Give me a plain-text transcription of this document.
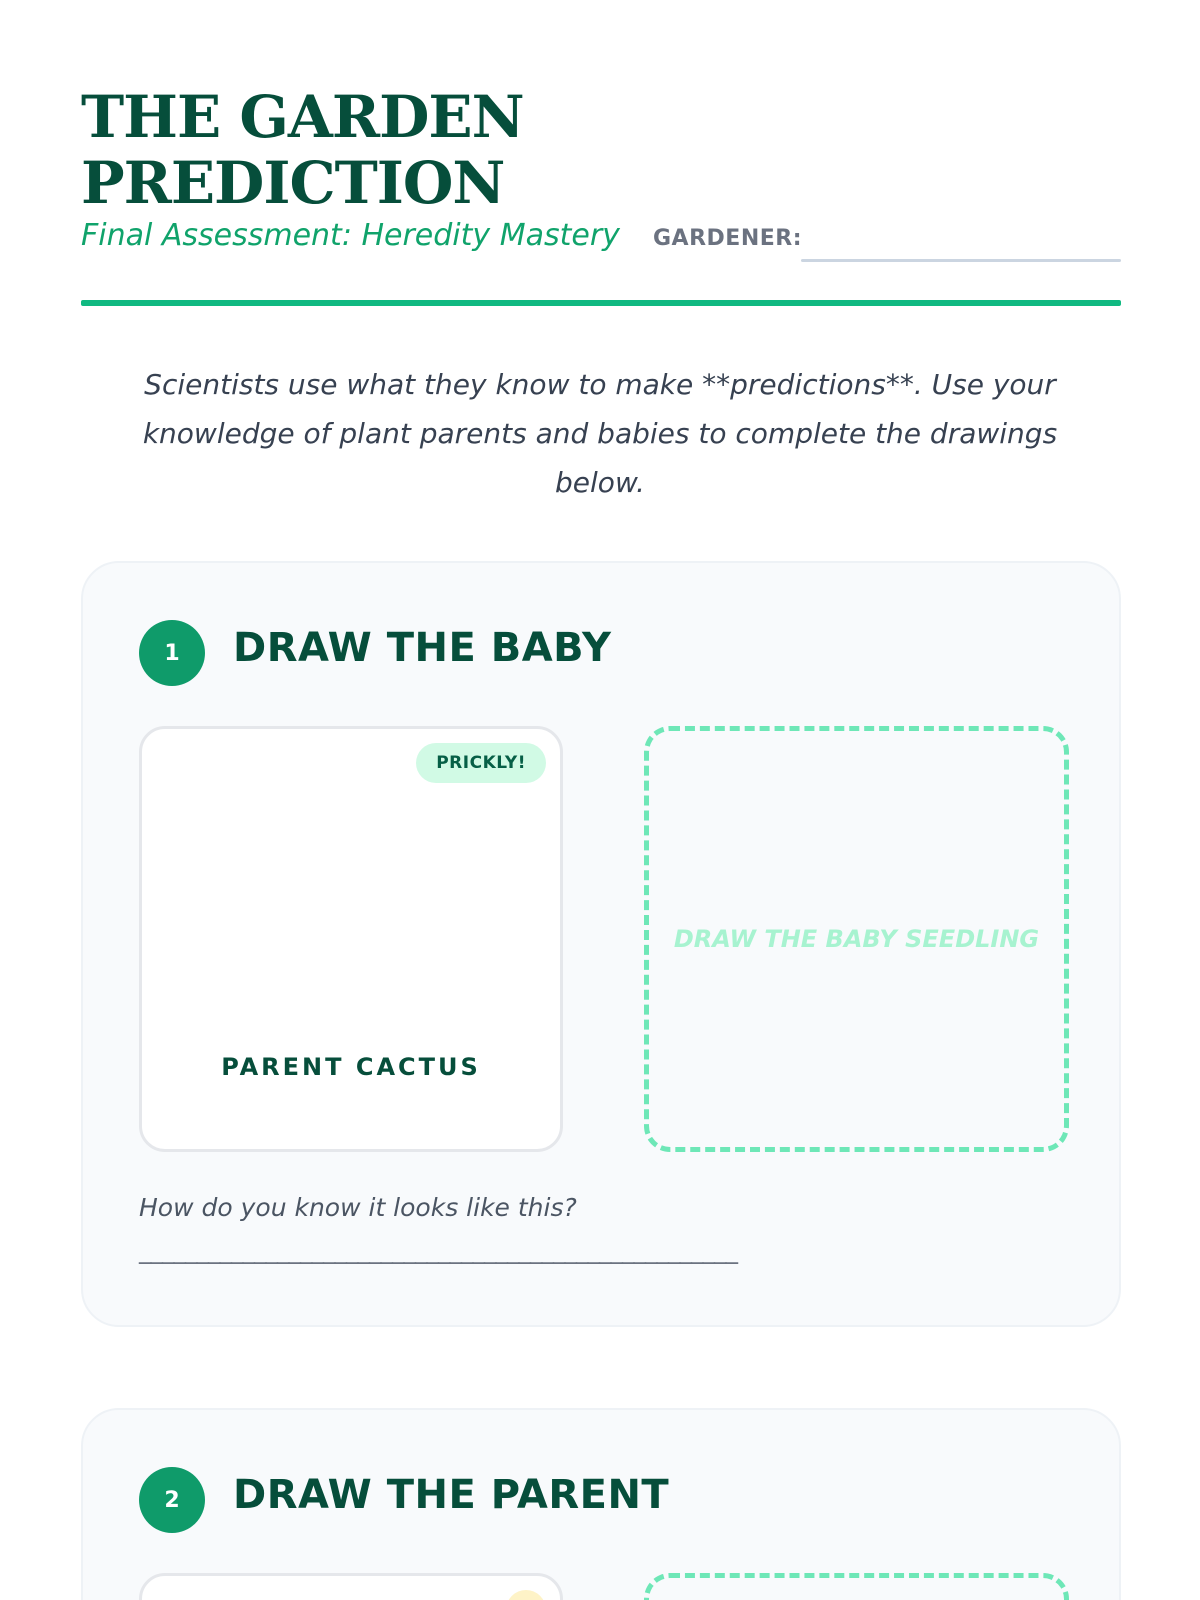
THE GARDEN PREDICTION
Final Assessment: Heredity Mastery GARDENER:

Scientists use what they know to make **predictions**. Use your knowledge of plant parents and babies to complete the drawings below.

1	DRAW THE BABY
PRICKLY!
PARENT CACTUS
DRAW THE BABY SEEDLING

How do you know it looks like this?

____________________________________________________
2	DRAW THE PARENT
